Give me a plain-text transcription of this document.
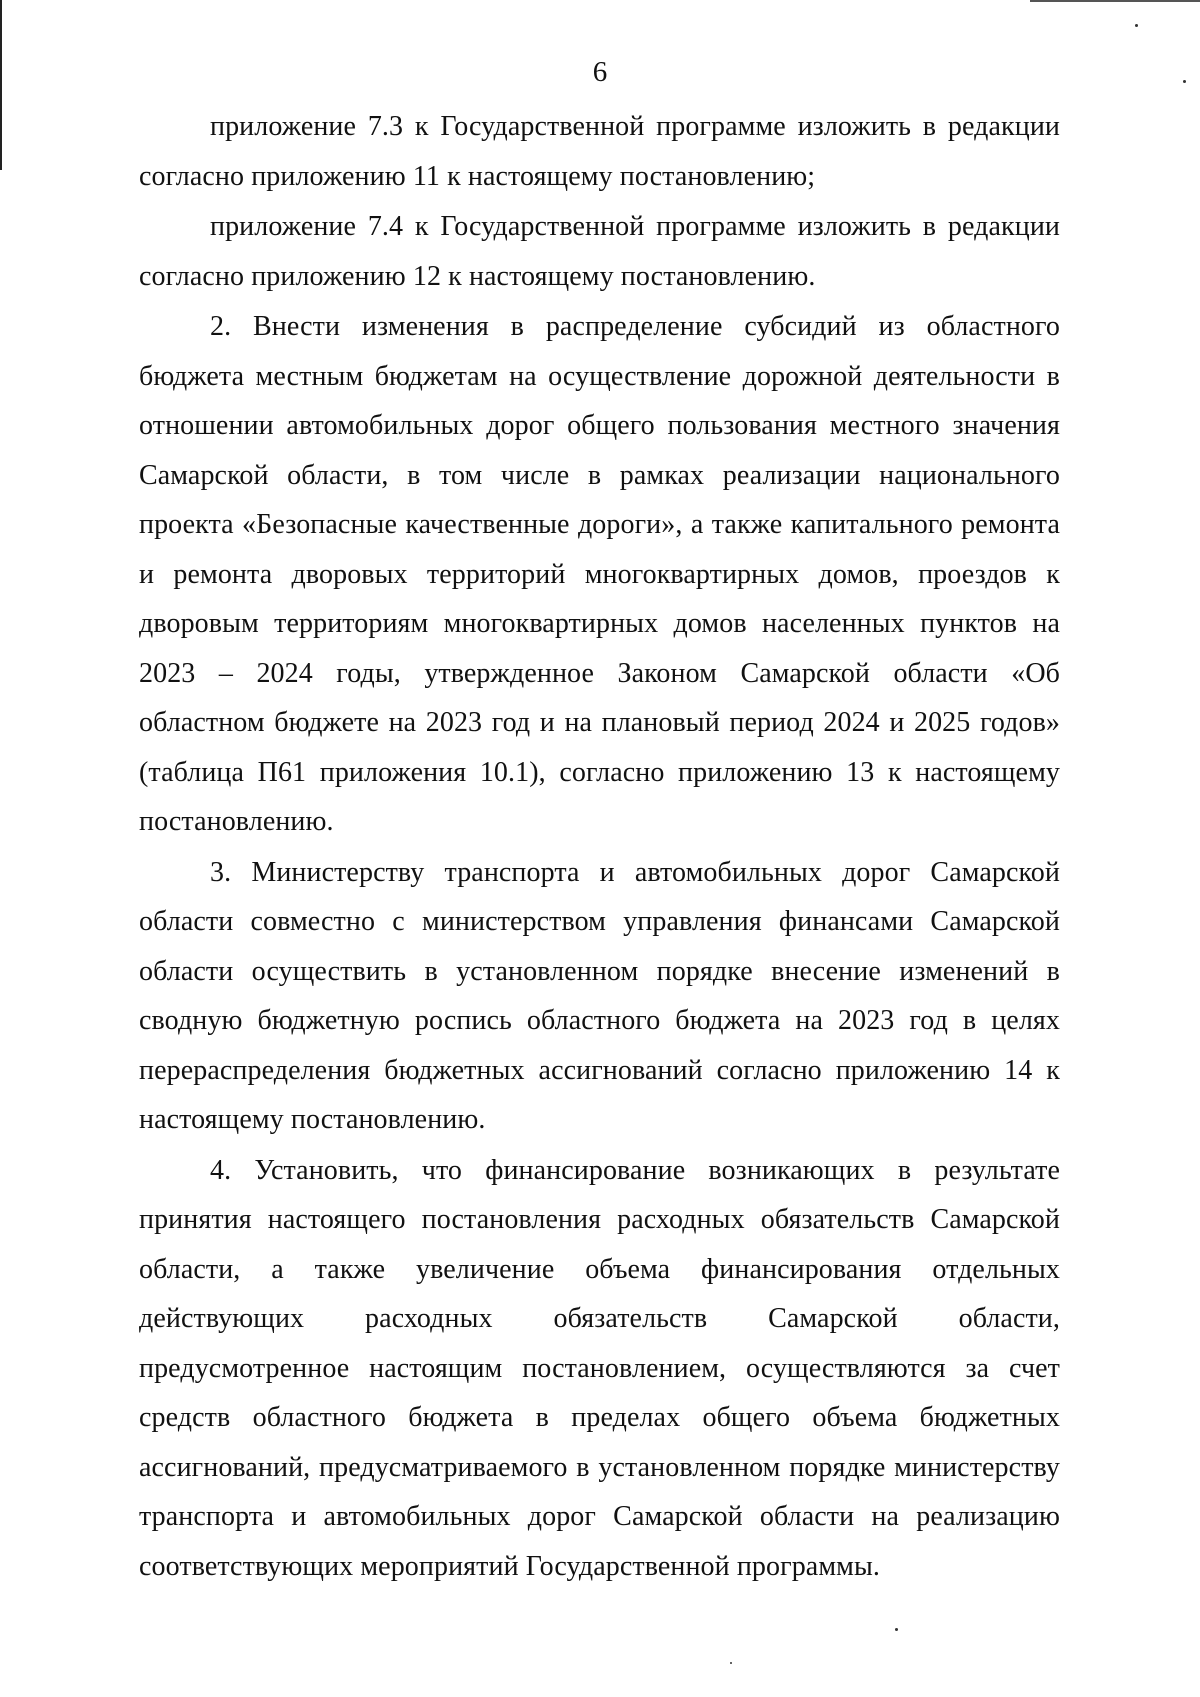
6

приложение 7.3 к Государственной программе изложить в редакции согласно приложению 11 к настоящему постановлению;

приложение 7.4 к Государственной программе изложить в редакции согласно приложению 12 к настоящему постановлению.

2. Внести изменения в распределение субсидий из областного бюджета местным бюджетам на осуществление дорожной деятельности в отношении автомобильных дорог общего пользования местного значения Самарской области, в том числе в рамках реализации национального проекта «Безопасные качественные дороги», а также капитального ремонта и ремонта дворовых территорий многоквартирных домов, проездов к дворовым территориям многоквартирных домов населенных пунктов на 2023 – 2024 годы, утвержденное Законом Самарской области «Об областном бюджете на 2023 год и на плановый период 2024 и 2025 годов» (таблица П61 приложения 10.1), согласно приложению 13 к настоящему постановлению.

3. Министерству транспорта и автомобильных дорог Самарской области совместно с министерством управления финансами Самарской области осуществить в установленном порядке внесение изменений в сводную бюджетную роспись областного бюджета на 2023 год в целях перераспределения бюджетных ассигнований согласно приложению 14 к настоящему постановлению.

4. Установить, что финансирование возникающих в результате принятия настоящего постановления расходных обязательств Самарской области, а также увеличение объема финансирования отдельных действующих расходных обязательств Самарской области, предусмотренное настоящим постановлением, осуществляются за счет средств областного бюджета в пределах общего объема бюджетных ассигнований, предусматриваемого в установленном порядке министерству транспорта и автомобильных дорог Самарской области на реализацию соответствующих мероприятий Государственной программы.
